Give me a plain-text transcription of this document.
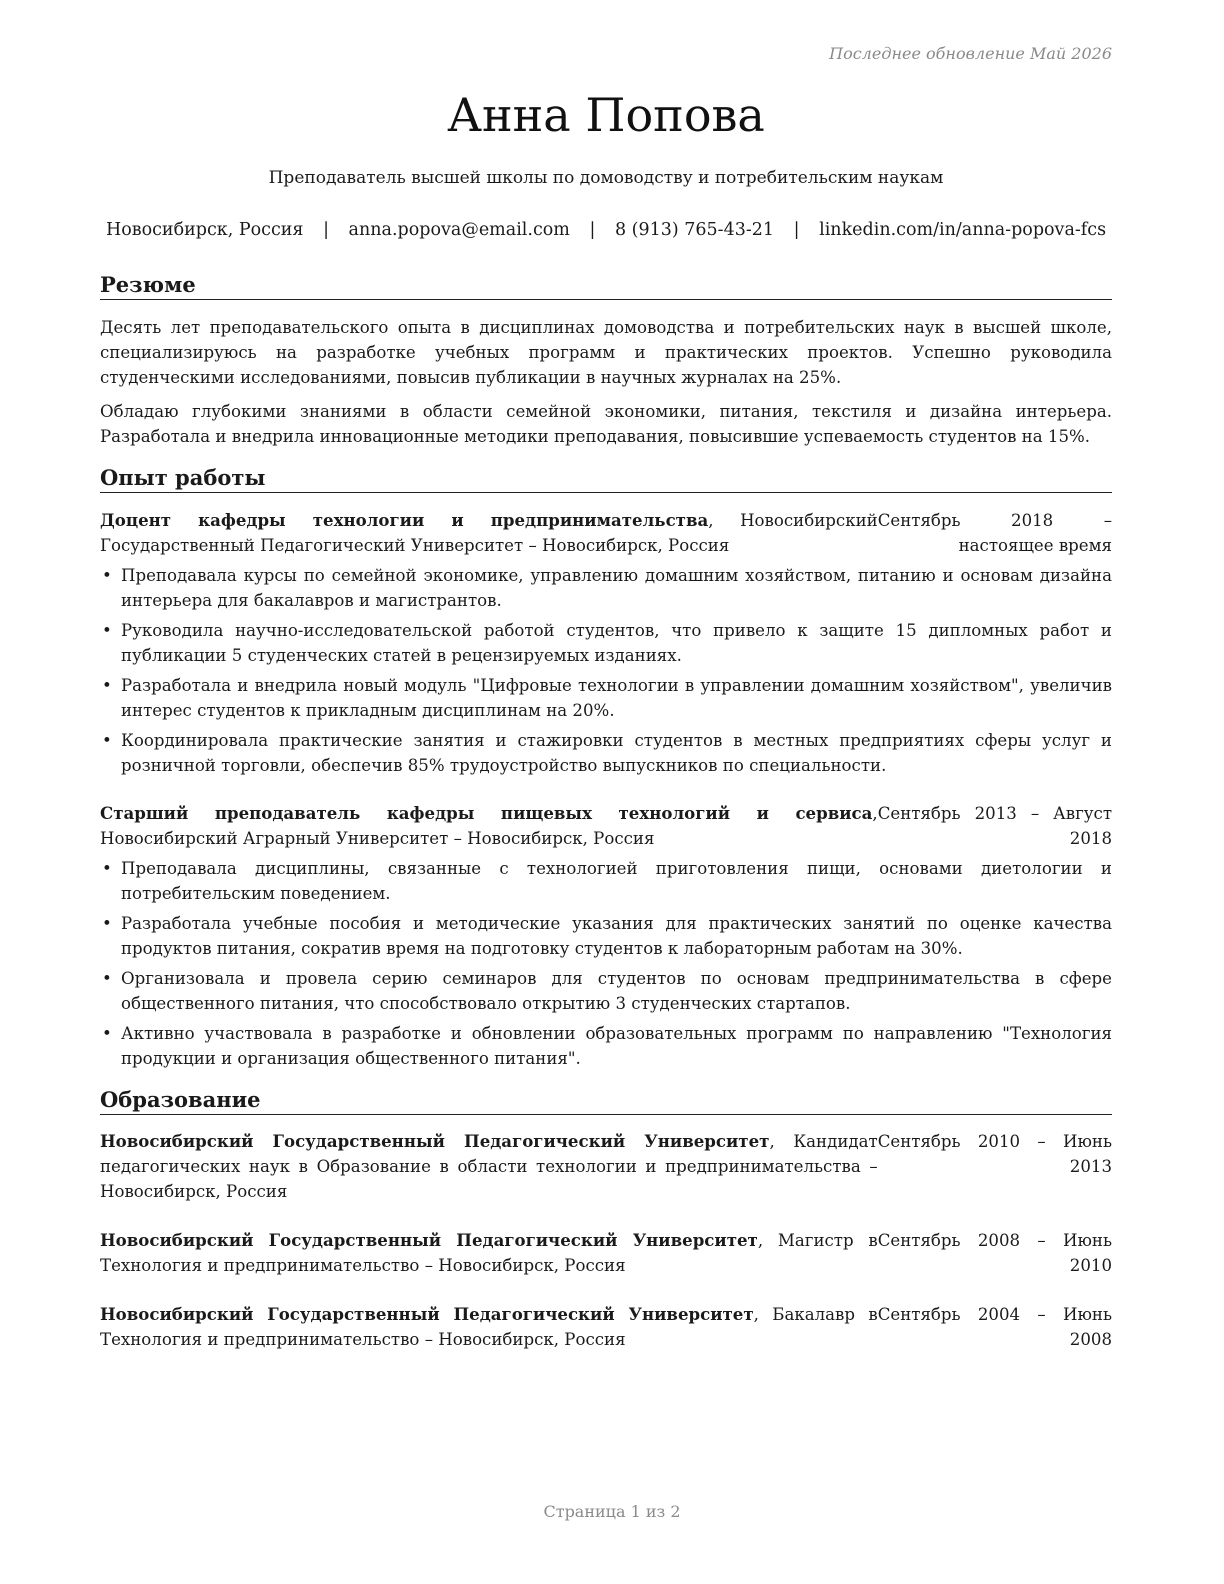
Последнее обновление Май 2026
Анна Попова
Преподаватель высшей школы по домоводству и потребительским наукам
Новосибирск, Россия | anna.popova@email.com | 8 (913) 765-43-21 | linkedin.com/in/anna-popova-fcs
Резюме
Десять лет преподавательского опыта в дисциплинах домоводства и потребительских наук в высшей школе, специализируюсь на разработке учебных программ и практических проектов. Успешно руководила студенческими исследованиями, повысив публикации в научных журналах на 25%.
Обладаю глубокими знаниями в области семейной экономики, питания, текстиля и дизайна интерьера. Разработала и внедрила инновационные методики преподавания, повысившие успеваемость студентов на 15%.
Опыт работы
Доцент кафедры технологии и предпринимательства, Новосибирский Государственный Педагогический Университет – Новосибирск, Россия
Сентябрь 2018 – настоящее время
• Преподавала курсы по семейной экономике, управлению домашним хозяйством, питанию и основам дизайна интерьера для бакалавров и магистрантов.
• Руководила научно-исследовательской работой студентов, что привело к защите 15 дипломных работ и публикации 5 студенческих статей в рецензируемых изданиях.
• Разработала и внедрила новый модуль "Цифровые технологии в управлении домашним хозяйством", увеличив интерес студентов к прикладным дисциплинам на 20%.
• Координировала практические занятия и стажировки студентов в местных предприятиях сферы услуг и розничной торговли, обеспечив 85% трудоустройство выпускников по специальности.
Старший преподаватель кафедры пищевых технологий и сервиса, Новосибирский Аграрный Университет – Новосибирск, Россия
Сентябрь 2013 – Август 2018
• Преподавала дисциплины, связанные с технологией приготовления пищи, основами диетологии и потребительским поведением.
• Разработала учебные пособия и методические указания для практических занятий по оценке качества продуктов питания, сократив время на подготовку студентов к лабораторным работам на 30%.
• Организовала и провела серию семинаров для студентов по основам предпринимательства в сфере общественного питания, что способствовало открытию 3 студенческих стартапов.
• Активно участвовала в разработке и обновлении образовательных программ по направлению "Технология продукции и организация общественного питания".
Образование
Новосибирский Государственный Педагогический Университет, Кандидат педагогических наук в Образование в области технологии и предпринимательства – Новосибирск, Россия
Сентябрь 2010 – Июнь 2013
Новосибирский Государственный Педагогический Университет, Магистр в Технология и предпринимательство – Новосибирск, Россия
Сентябрь 2008 – Июнь 2010
Новосибирский Государственный Педагогический Университет, Бакалавр в Технология и предпринимательство – Новосибирск, Россия
Сентябрь 2004 – Июнь 2008
Страница 1 из 2
